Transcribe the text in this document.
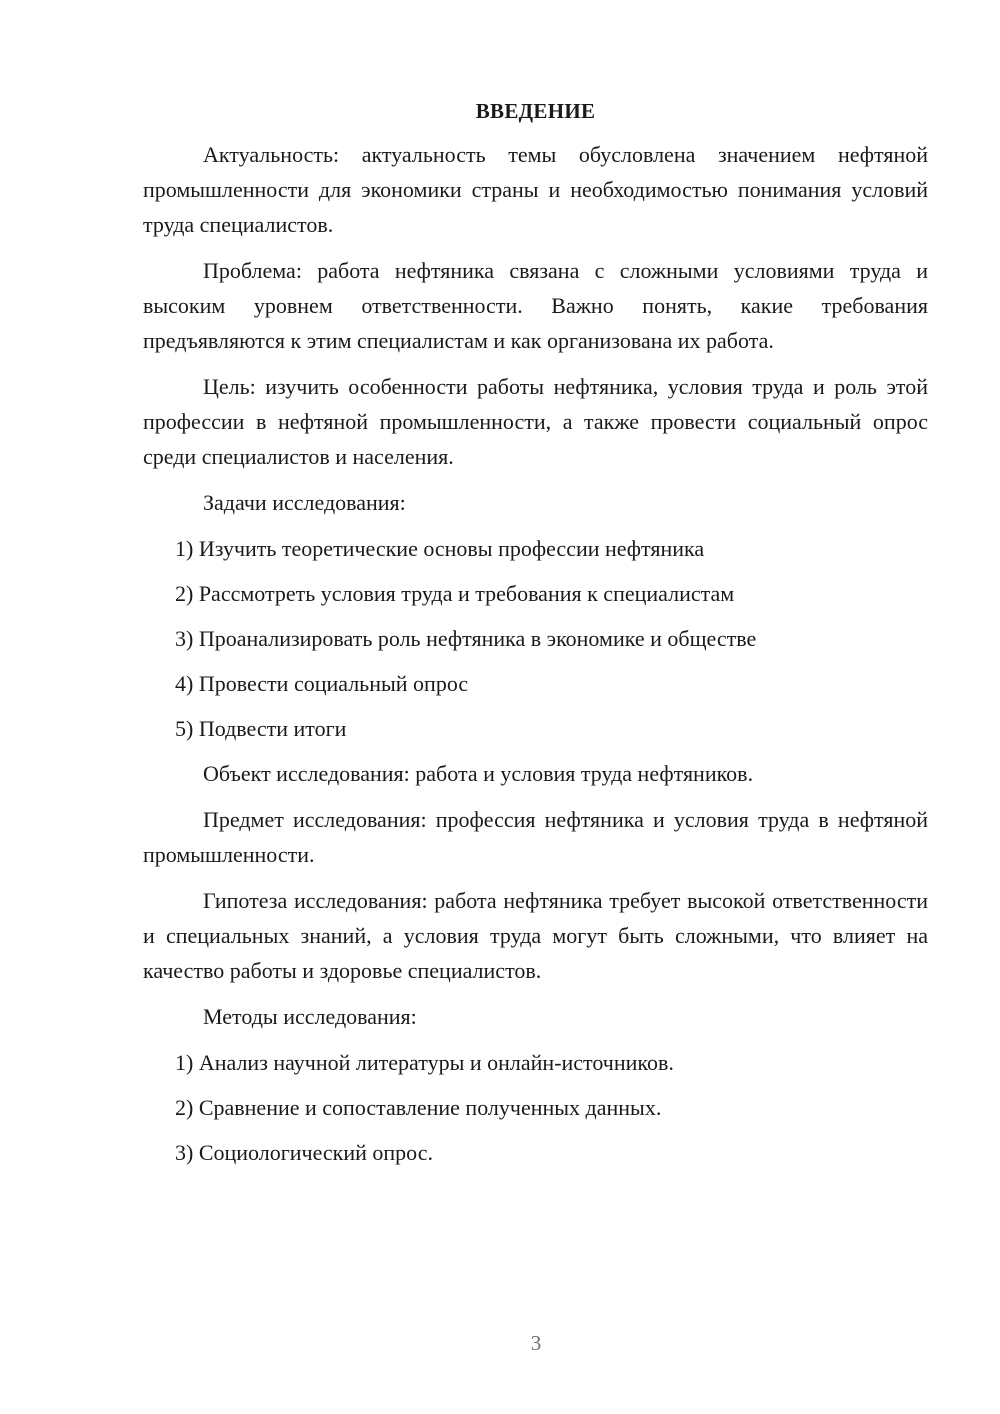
ВВЕДЕНИЕ

Актуальность: актуальность темы обусловлена значением нефтяной промышленности для экономики страны и необходимостью понимания условий труда специалистов.

Проблема: работа нефтяника связана с сложными условиями труда и высоким уровнем ответственности. Важно понять, какие требования предъявляются к этим специалистам и как организована их работа.

Цель: изучить особенности работы нефтяника, условия труда и роль этой профессии в нефтяной промышленности, а также провести социальный опрос среди специалистов и населения.

Задачи исследования:

1) Изучить теоретические основы профессии нефтяника
2) Рассмотреть условия труда и требования к специалистам
3) Проанализировать роль нефтяника в экономике и обществе
4) Провести социальный опрос
5) Подвести итоги

Объект исследования: работа и условия труда нефтяников.

Предмет исследования: профессия нефтяника и условия труда в нефтяной промышленности.

Гипотеза исследования: работа нефтяника требует высокой ответственности и специальных знаний, а условия труда могут быть сложными, что влияет на качество работы и здоровье специалистов.

Методы исследования:

1) Анализ научной литературы и онлайн-источников.
2) Сравнение и сопоставление полученных данных.
3) Социологический опрос.
3
